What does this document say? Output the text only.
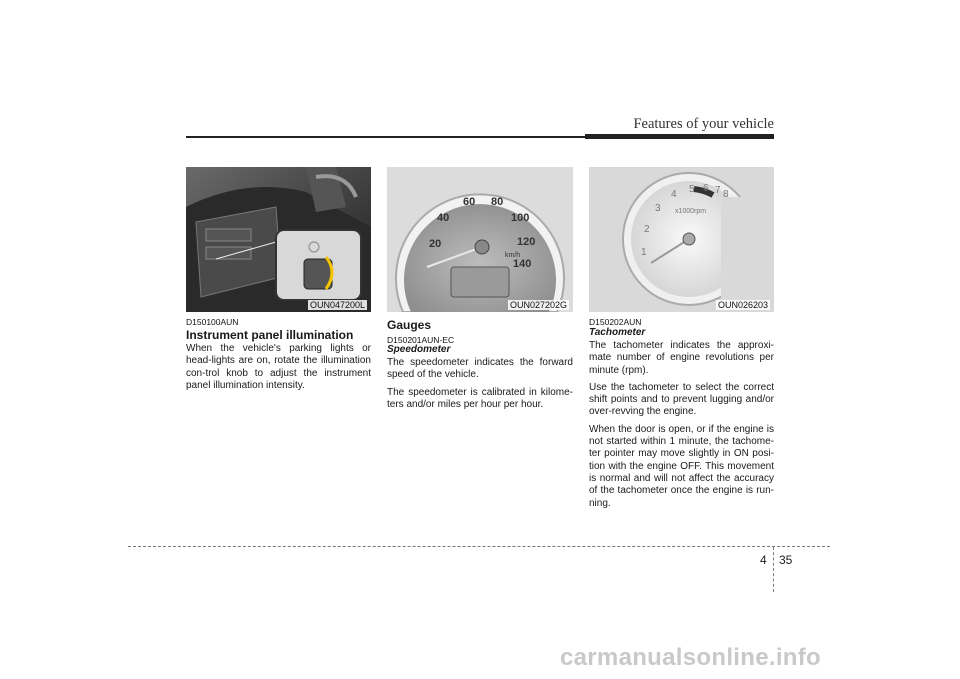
Features of your vehicle
OUN047200L
D150100AUN
Instrument panel illumination

When the vehicle's parking lights or head-lights are on, rotate the illumination con-trol knob to adjust the instrument panel illumination intensity.

20
40
60 80
100
120
140
km/h
OUN027202G
Gauges
D150201AUN-EC
Speedometer

The speedometer indicates the forward speed of the vehicle.

The speedometer is calibrated in kilome-ters and/or miles per hour per hour.

1
2
3
4 5 6 7 8
x1000rpm
OUN026203
D150202AUN
Tachometer

The tachometer indicates the approxi-mate number of engine revolutions per minute (rpm).

Use the tachometer to select the correct shift points and to prevent lugging and/or over-revving the engine.

When the door is open, or if the engine is not started within 1 minute, the tachome-ter pointer may move slightly in ON posi-tion with the engine OFF. This movement is normal and will not affect the accuracy of the tachometer once the engine is run-ning.

4 35
carmanualsonline.info
